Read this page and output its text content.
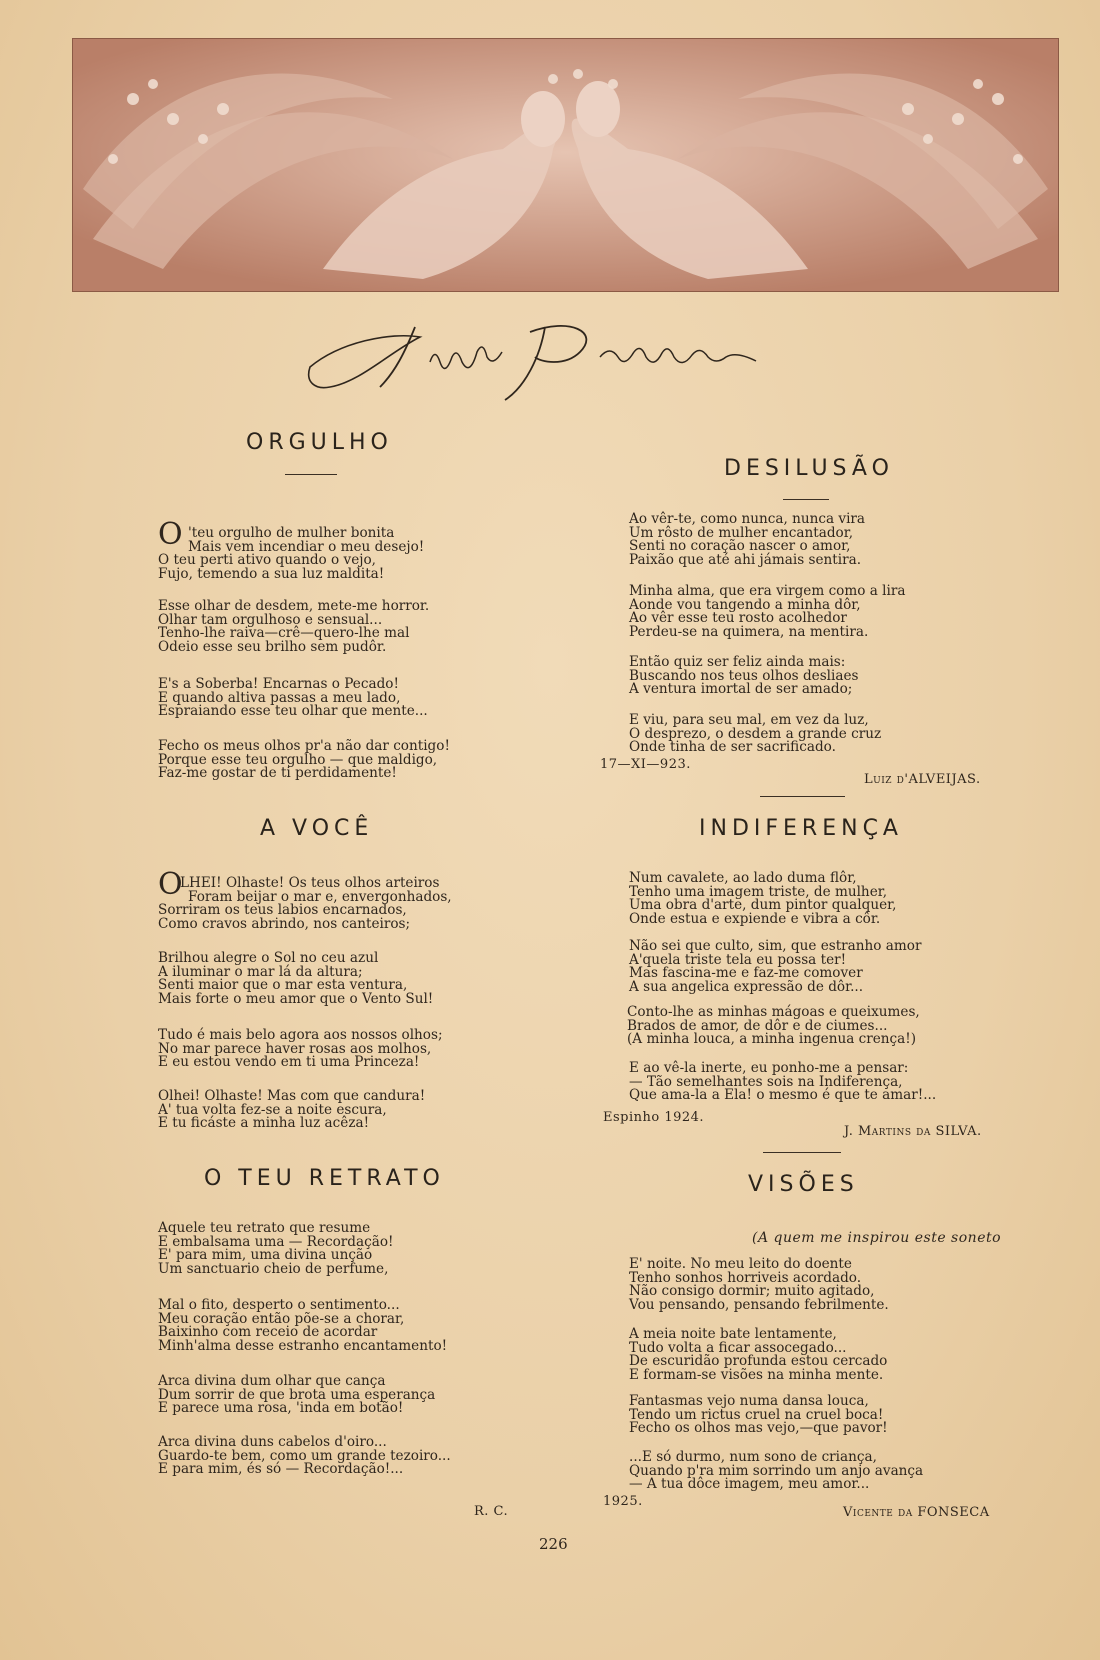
Silva Poetica
ORGULHO
O 'teu orgulho de mulher bonita
Mais vem incendiar o meu desejo!
O teu perti ativo quando o vejo,
Fujo, temendo a sua luz maldita!
Esse olhar de desdem, mete-me horror.
Olhar tam orgulhoso e sensual...
Tenho-lhe raiva—crê—quero-lhe mal
Odeio esse seu brilho sem pudôr.
E's a Soberba! Encarnas o Pecado!
E quando altiva passas a meu lado,
Espraiando esse teu olhar que mente...
Fecho os meus olhos pr'a não dar contigo!
Porque esse teu orgulho — que maldigo,
Faz-me gostar de ti perdidamente!
A VOCÊ
O
LHEI! Olhaste! Os teus olhos arteiros
Foram beijar o mar e, envergonhados,
Sorriram os teus labios encarnados,
Como cravos abrindo, nos canteiros;
Brilhou alegre o Sol no ceu azul
A iluminar o mar lá da altura;
Senti maior que o mar esta ventura,
Mais forte o meu amor que o Vento Sul!
Tudo é mais belo agora aos nossos olhos;
No mar parece haver rosas aos molhos,
E eu estou vendo em ti uma Princeza!
Olhei! Olhaste! Mas com que candura!
A' tua volta fez-se a noite escura,
E tu ficáste a minha luz acêza!
O TEU RETRATO
Aquele teu retrato que resume
E embalsama uma — Recordação!
E' para mim, uma divina unção
Um sanctuario cheio de perfume,
Mal o fito, desperto o sentimento...
Meu coração então põe-se a chorar,
Baixinho com receio de acordar
Minh'alma desse estranho encantamento!
Arca divina dum olhar que cança
Dum sorrir de que brota uma esperança
E parece uma rosa, 'inda em botão!
Arca divina duns cabelos d'oiro...
Guardo-te bem, como um grande tezoiro...
E para mim, és só — Recordação!...
R. C.
DESILUSÃO
Ao vêr-te, como nunca, nunca vira
Um rôsto de mulher encantador,
Senti no coração nascer o amor,
Paixão que até ahi jámais sentira.
Minha alma, que era virgem como a lira
Aonde vou tangendo a minha dôr,
Ao vêr esse teu rosto acolhedor
Perdeu-se na quimera, na mentira.
Então quiz ser feliz ainda mais:
Buscando nos teus olhos desliaes
A ventura imortal de ser amado;
E viu, para seu mal, em vez da luz,
O desprezo, o desdem a grande cruz
Onde tinha de ser sacrificado.
17—XI—923.
Luiz d'ALVEIJAS.
INDIFERENÇA
Num cavalete, ao lado duma flôr,
Tenho uma imagem triste, de mulher,
Uma obra d'arte, dum pintor qualquer,
Onde estua e expiende e vibra a côr.
Não sei que culto, sim, que estranho amor
A'quela triste tela eu possa ter!
Mas fascina-me e faz-me comover
A sua angelica expressão de dôr...
Conto-lhe as minhas mágoas e queixumes,
Brados de amor, de dôr e de ciumes...
(A minha louca, a minha ingenua crença!)
E ao vê-la inerte, eu ponho-me a pensar:
— Tão semelhantes sois na Indiferença,
Que ama-la a Ela! o mesmo é que te amar!...
Espinho 1924.
J. Martins da SILVA.
VISÕES
(A quem me inspirou este soneto
E' noite. No meu leito do doente
Tenho sonhos horriveis acordado.
Não consigo dormir; muito agitado,
Vou pensando, pensando febrilmente.
A meia noite bate lentamente,
Tudo volta a ficar assocegado...
De escuridão profunda estou cercado
E formam-se visões na minha mente.
Fantasmas vejo numa dansa louca,
Tendo um rictus cruel na cruel boca!
Fecho os olhos mas vejo,—que pavor!
...E só durmo, num sono de criança,
Quando p'ra mim sorrindo um anjo avança
— A tua dôce imagem, meu amor...
1925.
Vicente da FONSECA
226
